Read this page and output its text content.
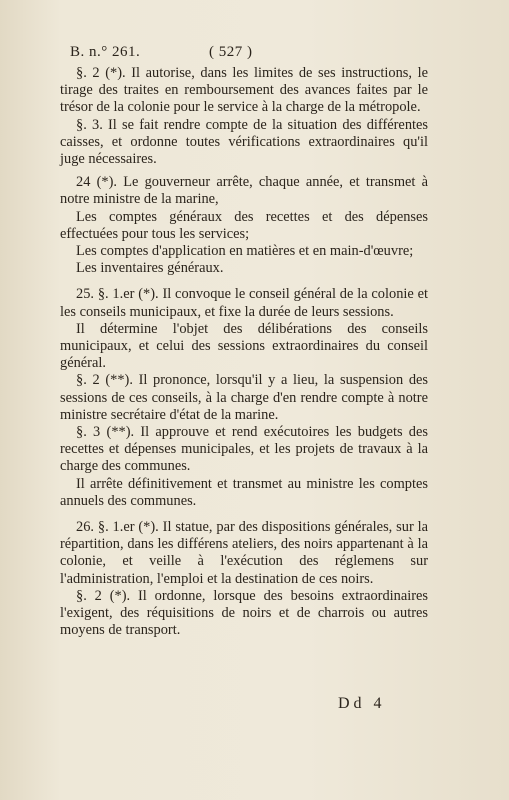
B. n.° 261.	( 527 )

§. 2 (*). Il autorise, dans les limites de ses instructions, le tirage des traites en remboursement des avances faites par le trésor de la colonie pour le service à la charge de la métropole.

§. 3. Il se fait rendre compte de la situation des différentes caisses, et ordonne toutes vérifications extraordinaires qu'il juge nécessaires.

24 (*). Le gouverneur arrête, chaque année, et transmet à notre ministre de la marine,

Les comptes généraux des recettes et des dépenses effectuées pour tous les services;

Les comptes d'application en matières et en main-d'œuvre;

Les inventaires généraux.

25. §. 1.er (*). Il convoque le conseil général de la colonie et les conseils municipaux, et fixe la durée de leurs sessions.

Il détermine l'objet des délibérations des conseils municipaux, et celui des sessions extraordinaires du conseil général.

§. 2 (**). Il prononce, lorsqu'il y a lieu, la suspension des sessions de ces conseils, à la charge d'en rendre compte à notre ministre secrétaire d'état de la marine.

§. 3 (**). Il approuve et rend exécutoires les budgets des recettes et dépenses municipales, et les projets de travaux à la charge des communes.

Il arrête définitivement et transmet au ministre les comptes annuels des communes.

26. §. 1.er (*). Il statue, par des dispositions générales, sur la répartition, dans les différens ateliers, des noirs appartenant à la colonie, et veille à l'exécution des réglemens sur l'administration, l'emploi et la destination de ces noirs.

§. 2 (*). Il ordonne, lorsque des besoins extraordinaires l'exigent, des réquisitions de noirs et de charrois ou autres moyens de transport.

Dd 4
